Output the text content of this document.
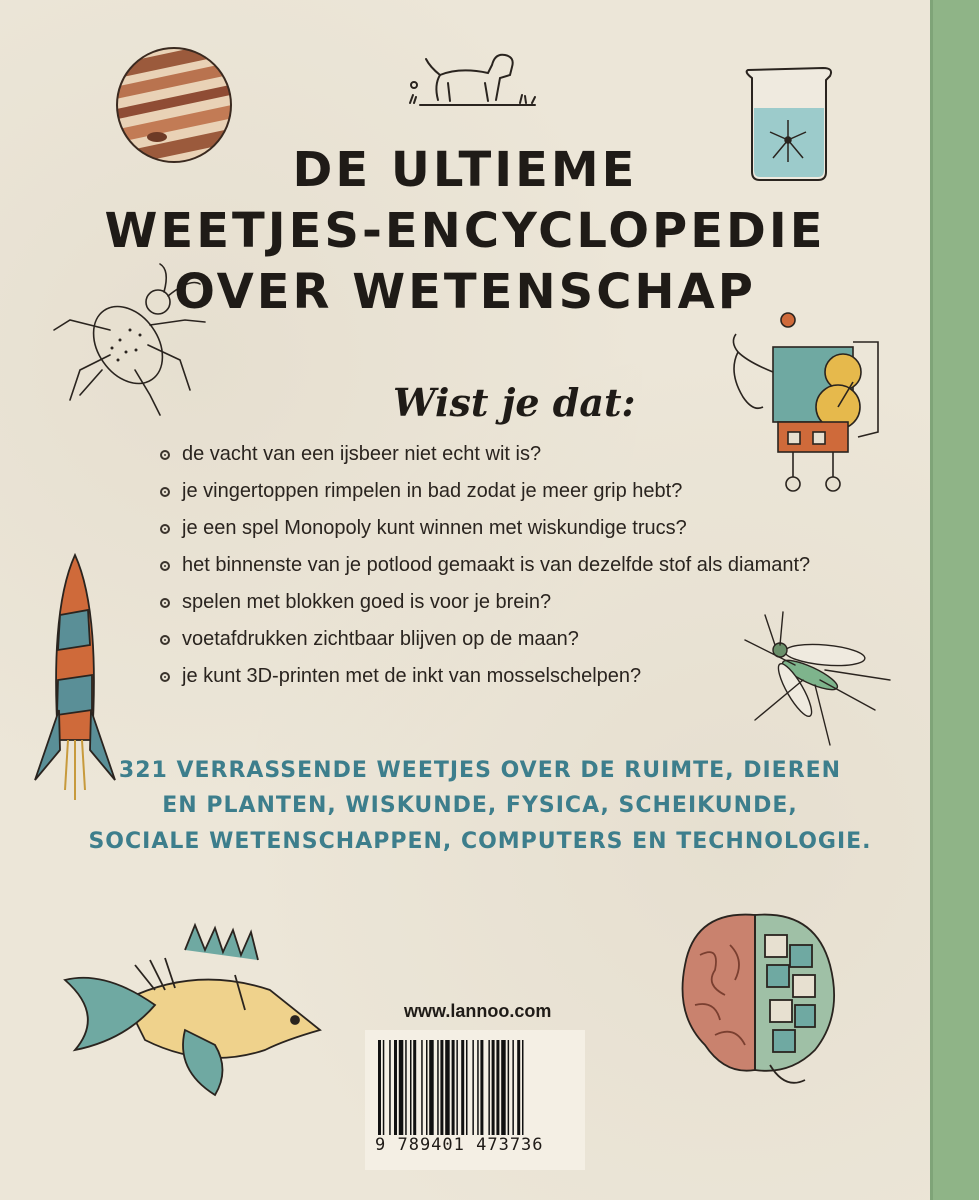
DE ULTIEME
WEETJES-ENCYCLOPEDIE
OVER WETENSCHAP
Wist je dat:
de vacht van een ijsbeer niet echt wit is?
je vingertoppen rimpelen in bad zodat je meer grip hebt?
je een spel Monopoly kunt winnen met wiskundige trucs?
het binnenste van je potlood gemaakt is van dezelfde stof als diamant?
spelen met blokken goed is voor je brein?
voetafdrukken zichtbaar blijven op de maan?
je kunt 3D-printen met de inkt van mosselschelpen?
321 VERRASSENDE WEETJES OVER DE RUIMTE, DIEREN
EN PLANTEN, WISKUNDE, FYSICA, SCHEIKUNDE,
SOCIALE WETENSCHAPPEN, COMPUTERS EN TECHNOLOGIE.
www.lannoo.com
9 789401 473736
